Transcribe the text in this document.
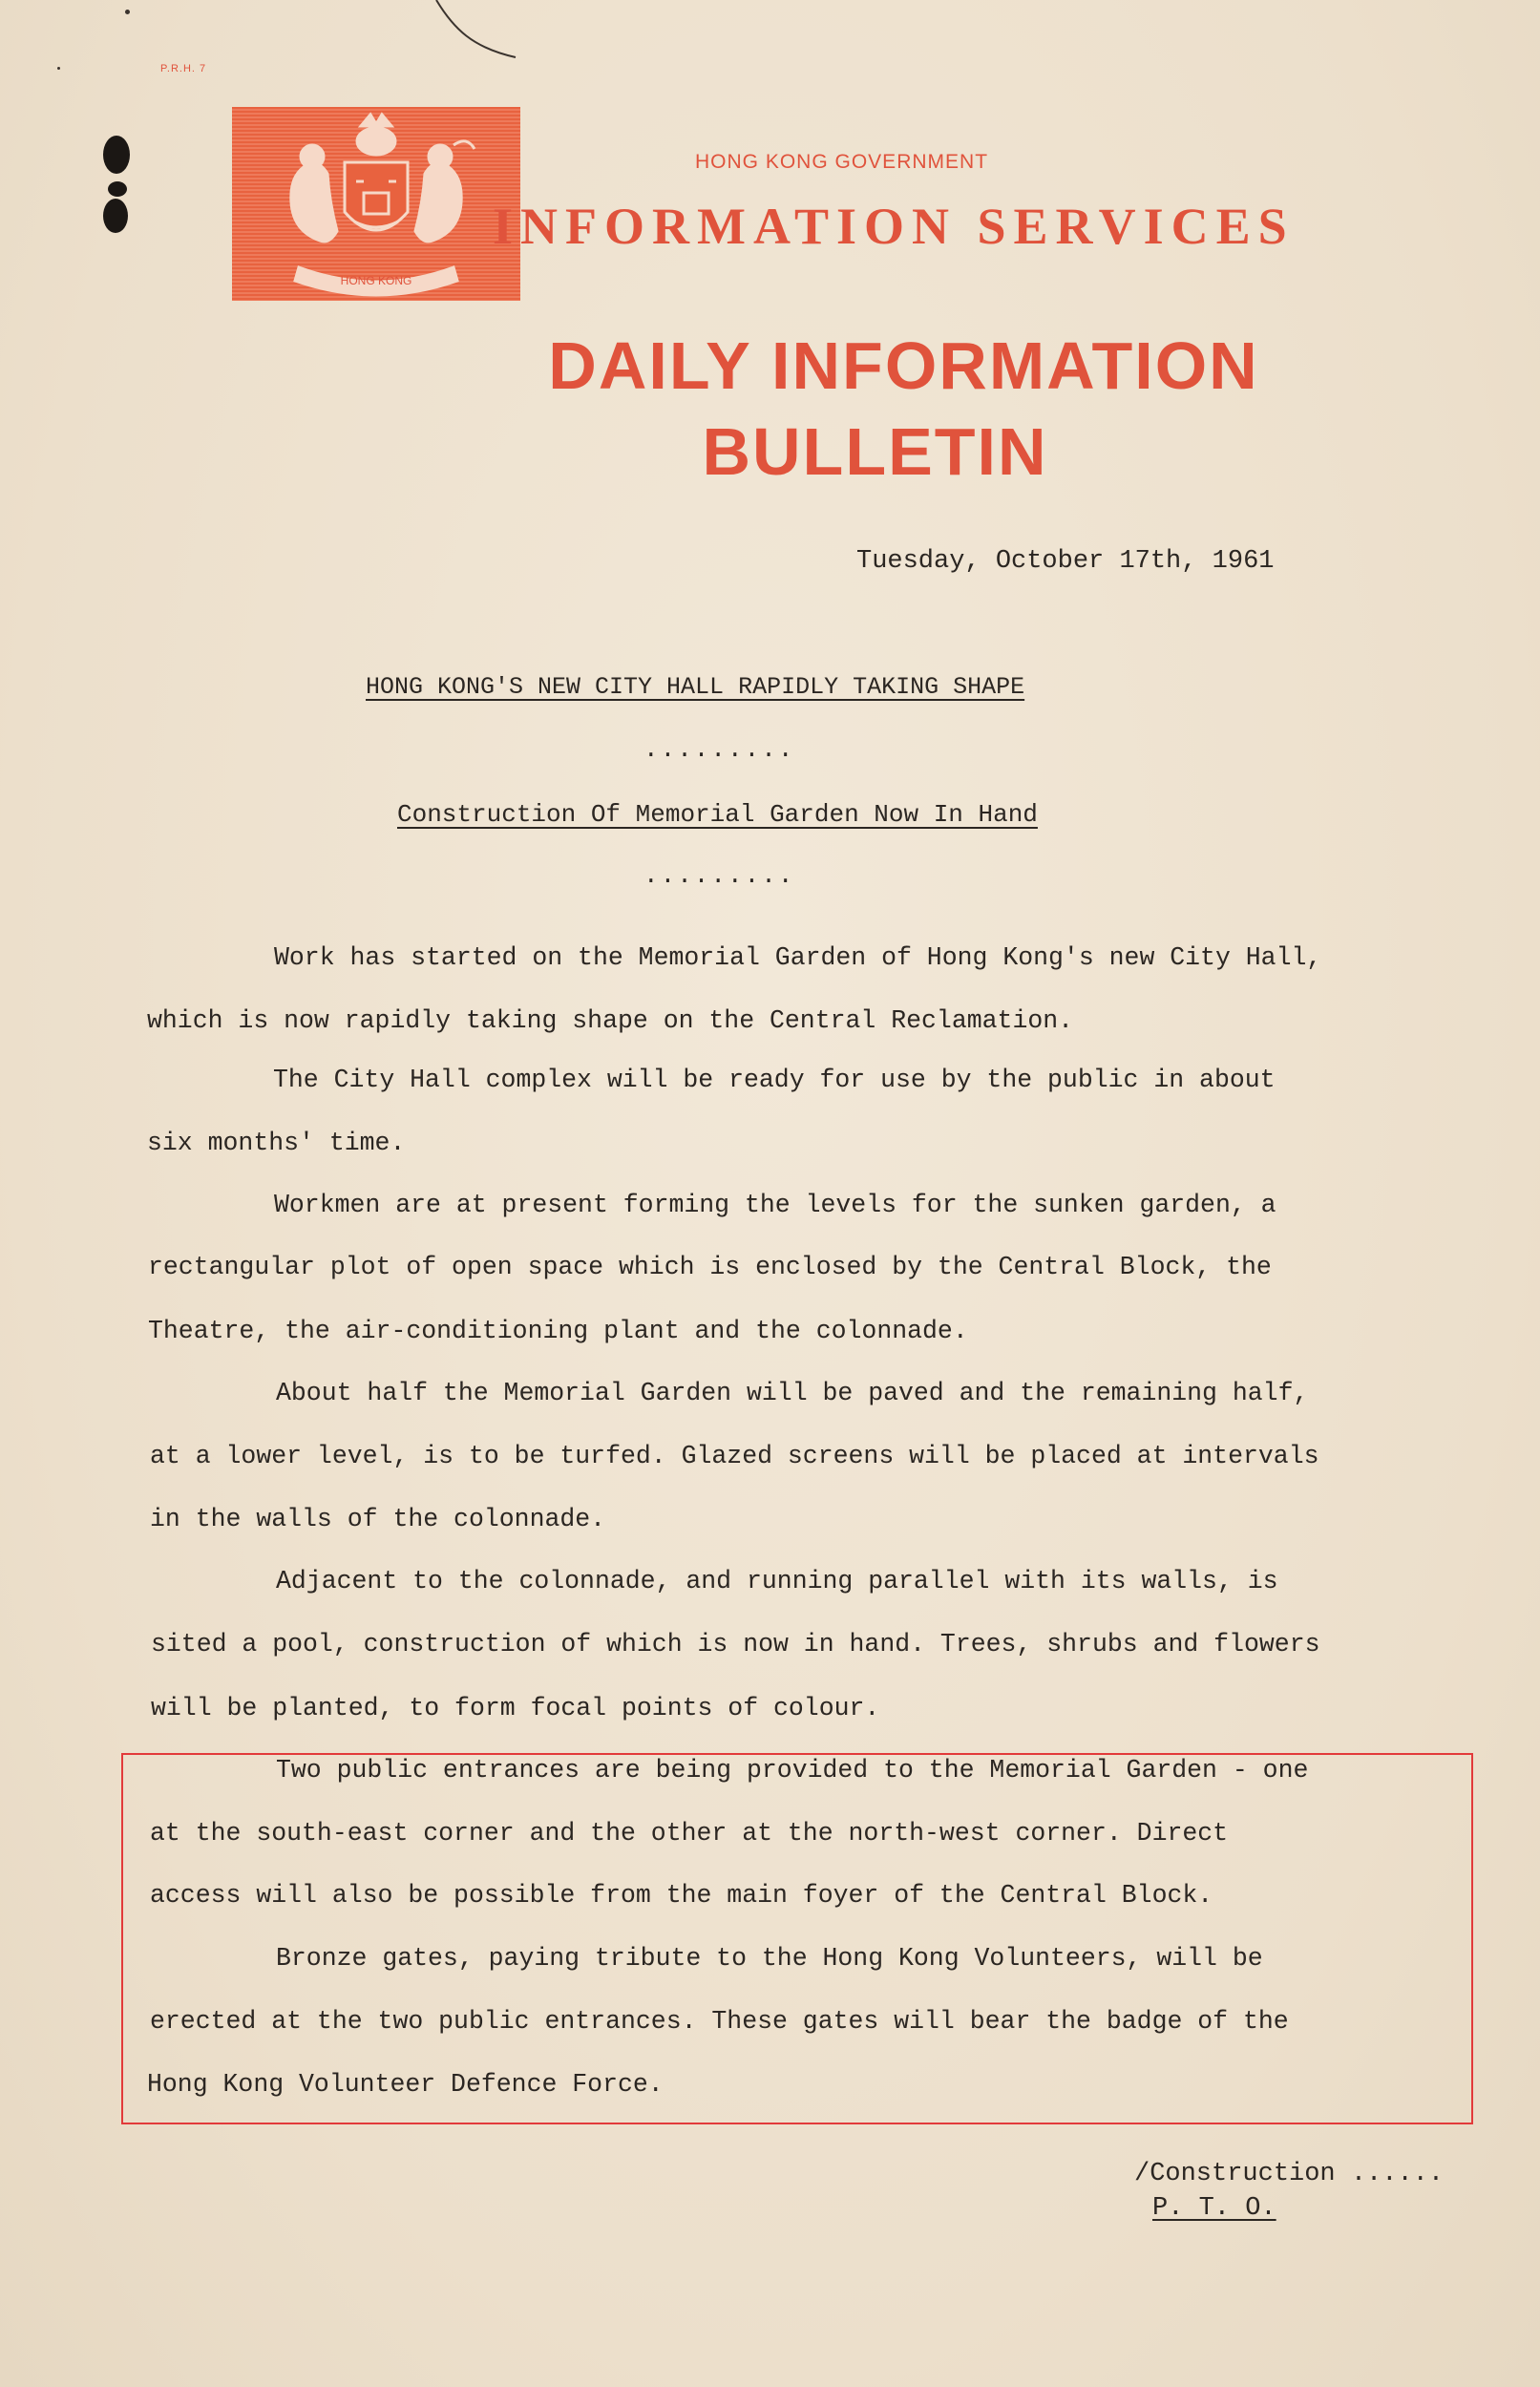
P.R.H. 7
HONG KONG
HONG KONG GOVERNMENT
INFORMATION SERVICES
DAILY INFORMATION
BULLETIN
Tuesday, October 17th, 1961
HONG KONG'S NEW CITY HALL RAPIDLY TAKING SHAPE
.........
Construction Of Memorial Garden Now In Hand
.........
Work has started on the Memorial Garden of Hong Kong's new City Hall,
which is now rapidly taking shape on the Central Reclamation.
The City Hall complex will be ready for use by the public in about
six months' time.
Workmen are at present forming the levels for the sunken garden, a
rectangular plot of open space which is enclosed by the Central Block, the
Theatre, the air-conditioning plant and the colonnade.
About half the Memorial Garden will be paved and the remaining half,
at a lower level, is to be turfed. Glazed screens will be placed at intervals
in the walls of the colonnade.
Adjacent to the colonnade, and running parallel with its walls, is
sited a pool, construction of which is now in hand. Trees, shrubs and flowers
will be planted, to form focal points of colour.
Two public entrances are being provided to the Memorial Garden - one
at the south-east corner and the other at the north-west corner. Direct
access will also be possible from the main foyer of the Central Block.
Bronze gates, paying tribute to the Hong Kong Volunteers, will be
erected at the two public entrances. These gates will bear the badge of the
Hong Kong Volunteer Defence Force.
/Construction ......
P. T. O.
